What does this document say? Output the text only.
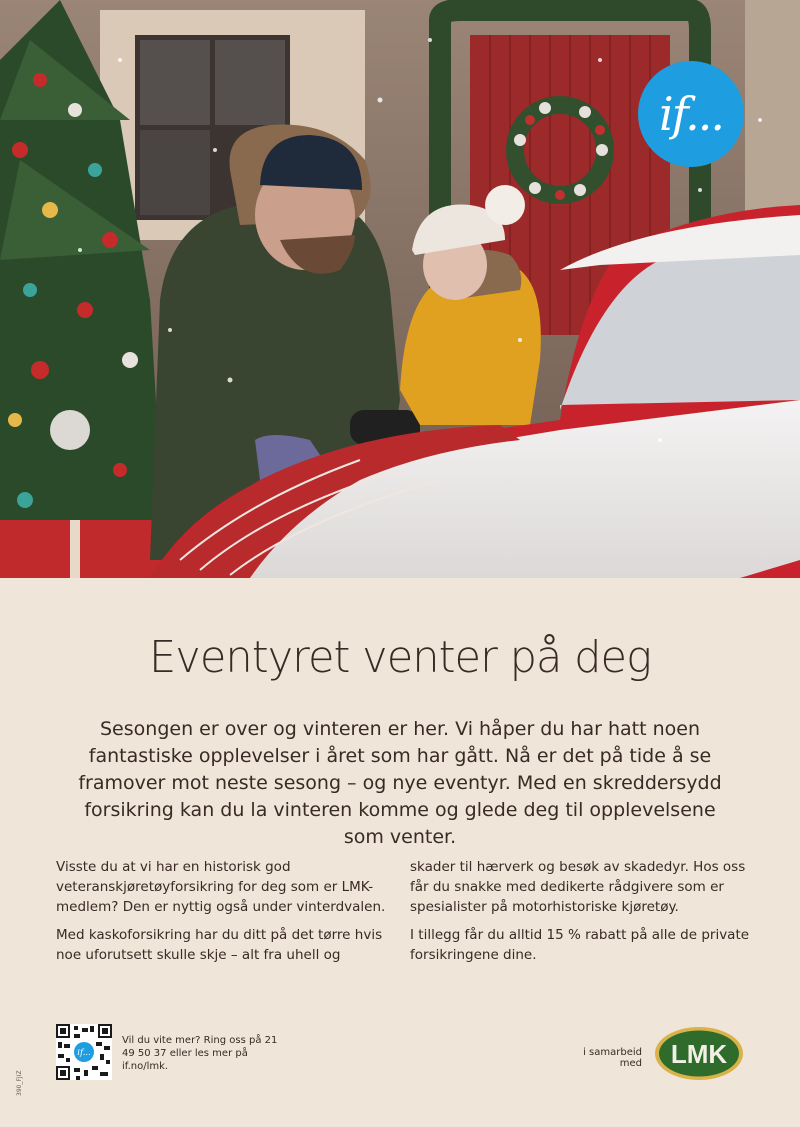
if...
Eventyret venter på deg
Sesongen er over og vinteren er her. Vi håper du har hatt noen fantastiske opplevelser i året som har gått. Nå er det på tide å se framover mot neste sesong – og nye eventyr. Med en skreddersydd forsikring kan du la vinteren komme og glede deg til opplevelsene som venter.

Visste du at vi har en historisk god veteranskjøretøyforsikring for deg som er LMK-medlem? Den er nyttig også under vinterdvalen.

Med kaskoforsikring har du ditt på det tørre hvis noe uforutsett skulle skje – alt fra uhell og

skader til hærverk og besøk av skadedyr. Hos oss får du snakke med dedikerte rådgivere som er spesialister på motorhistoriske kjøretøy.

I tillegg får du alltid 15 % rabatt på alle de private forsikringene dine.

if...
Vil du vite mer? Ring oss på 21 49 50 37 eller les mer på if.no/lmk.
i samarbeid med LMK
390_FJIZ
